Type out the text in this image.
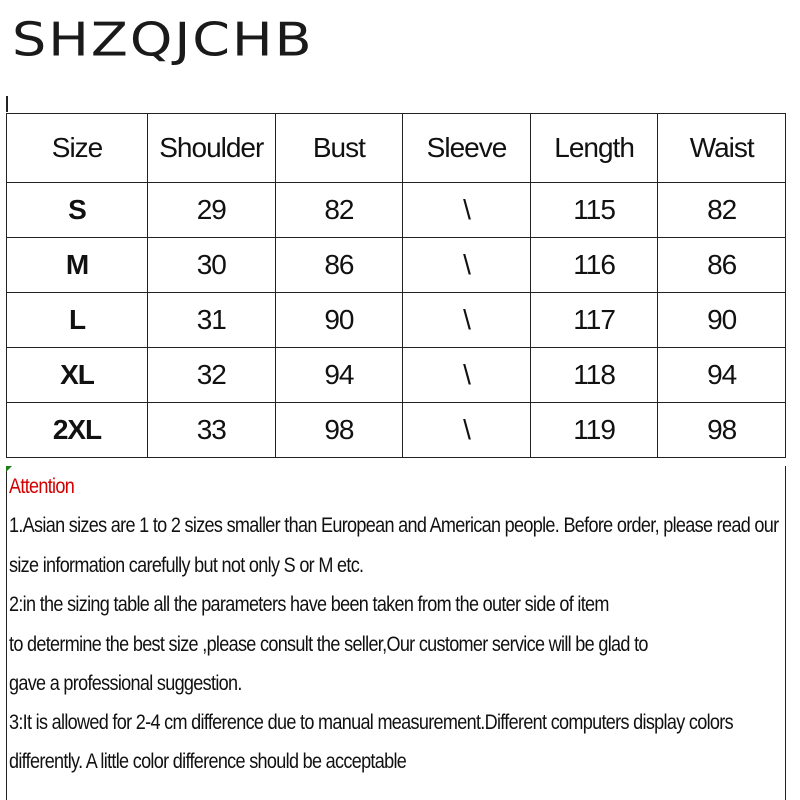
SHZQJCHB
Size	Shoulder	Bust	Sleeve	Length	Waist
S	29	82	\	115	82
M	30	86	\	116	86
L	31	90	\	117	90
XL	32	94	\	118	94
2XL	33	98	\	119	98
Attention
1.Asian sizes are 1 to 2 sizes smaller than European and American people. Before order, please read our
size information carefully but not only S or M etc.
2:in the sizing table all the parameters have been taken from the outer side of item
to determine the best size ,please consult the seller,Our customer service will be glad to
gave a professional suggestion.
3:It is allowed for 2-4 cm difference due to manual measurement.Different computers display colors
differently. A little color difference should be acceptable
